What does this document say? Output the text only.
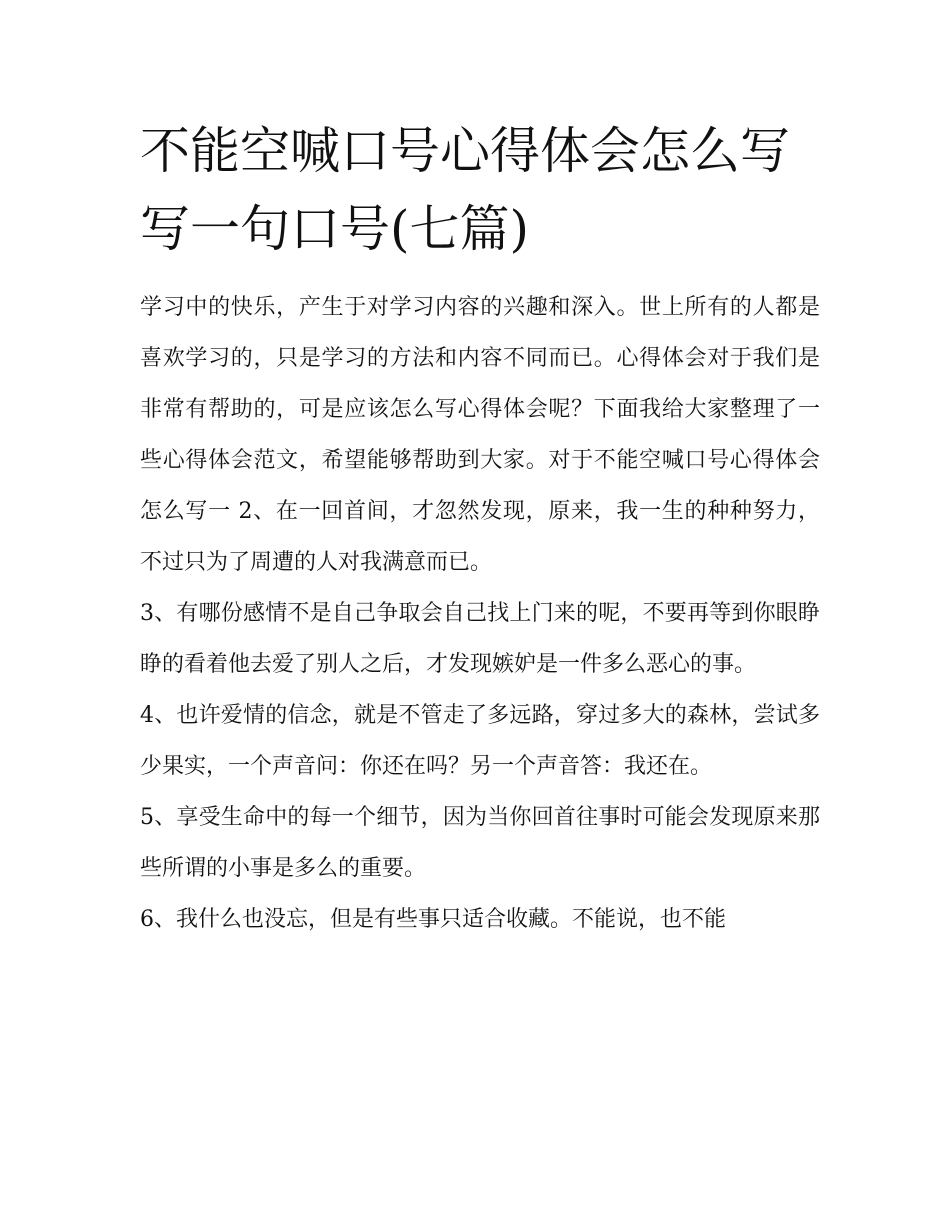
不能空喊口号心得体会怎么写写一句口号(七篇)

学习中的快乐，产生于对学习内容的兴趣和深入。世上所有的人都是喜欢学习的，只是学习的方法和内容不同而已。心得体会对于我们是非常有帮助的，可是应该怎么写心得体会呢？下面我给大家整理了一些心得体会范文，希望能够帮助到大家。对于不能空喊口号心得体会怎么写一 2、在一回首间，才忽然发现，原来，我一生的种种努力，不过只为了周遭的人对我满意而已。

3、有哪份感情不是自己争取会自己找上门来的呢，不要再等到你眼睁睁的看着他去爱了别人之后，才发现嫉妒是一件多么恶心的事。

4、也许爱情的信念，就是不管走了多远路，穿过多大的森林，尝试多少果实，一个声音问：你还在吗？另一个声音答：我还在。

5、享受生命中的每一个细节，因为当你回首往事时可能会发现原来那些所谓的小事是多么的重要。

6、我什么也没忘，但是有些事只适合收藏。不能说，也不能
